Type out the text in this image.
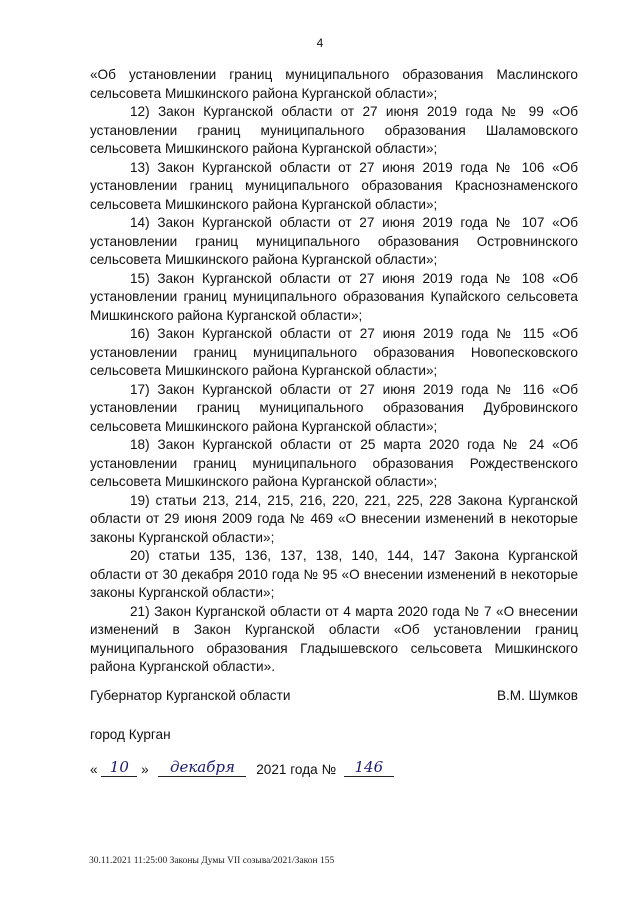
4

«Об установлении границ муниципального образования Маслинского сельсовета Мишкинского района Курганской области»;

12) Закон Курганской области от 27 июня 2019 года № 99 «Об установлении границ муниципального образования Шаламовского сельсовета Мишкинского района Курганской области»;

13) Закон Курганской области от 27 июня 2019 года № 106 «Об установлении границ муниципального образования Краснознаменского сельсовета Мишкинского района Курганской области»;

14) Закон Курганской области от 27 июня 2019 года № 107 «Об установлении границ муниципального образования Островнинского сельсовета Мишкинского района Курганской области»;

15) Закон Курганской области от 27 июня 2019 года № 108 «Об установлении границ муниципального образования Купайского сельсовета Мишкинского района Курганской области»;

16) Закон Курганской области от 27 июня 2019 года № 115 «Об установлении границ муниципального образования Новопесковского сельсовета Мишкинского района Курганской области»;

17) Закон Курганской области от 27 июня 2019 года № 116 «Об установлении границ муниципального образования Дубровинского сельсовета Мишкинского района Курганской области»;

18) Закон Курганской области от 25 марта 2020 года № 24 «Об установлении границ муниципального образования Рождественского сельсовета Мишкинского района Курганской области»;

19) статьи 213, 214, 215, 216, 220, 221, 225, 228 Закона Курганской области от 29 июня 2009 года № 469 «О внесении изменений в некоторые законы Курганской области»;

20) статьи 135, 136, 137, 138, 140, 144, 147 Закона Курганской области от 30 декабря 2010 года № 95 «О внесении изменений в некоторые законы Курганской области»;

21) Закон Курганской области от 4 марта 2020 года № 7 «О внесении изменений в Закон Курганской области «Об установлении границ муниципального образования Гладышевского сельсовета Мишкинского района Курганской области».

Губернатор Курганской области	В.М. Шумков
город Курган
« 10 » декабря 2021 года № 146
30.11.2021 11:25:00 Законы Думы VII созыва/2021/Закон 155
